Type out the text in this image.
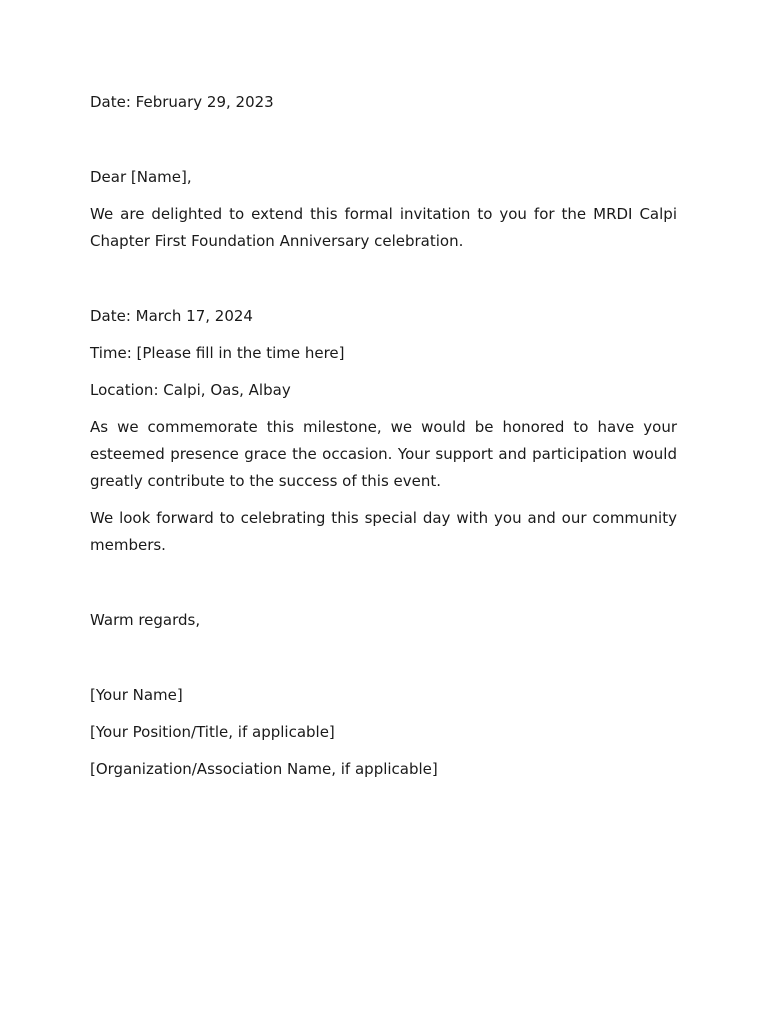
Date: February 29, 2023

Dear [Name],

We are delighted to extend this formal invitation to you for the MRDI Calpi Chapter First Foundation Anniversary celebration.

Date: March 17, 2024

Time: [Please fill in the time here]

Location: Calpi, Oas, Albay

As we commemorate this milestone, we would be honored to have your esteemed presence grace the occasion. Your support and participation would greatly contribute to the success of this event.

We look forward to celebrating this special day with you and our community members.

Warm regards,

[Your Name]

[Your Position/Title, if applicable]

[Organization/Association Name, if applicable]
